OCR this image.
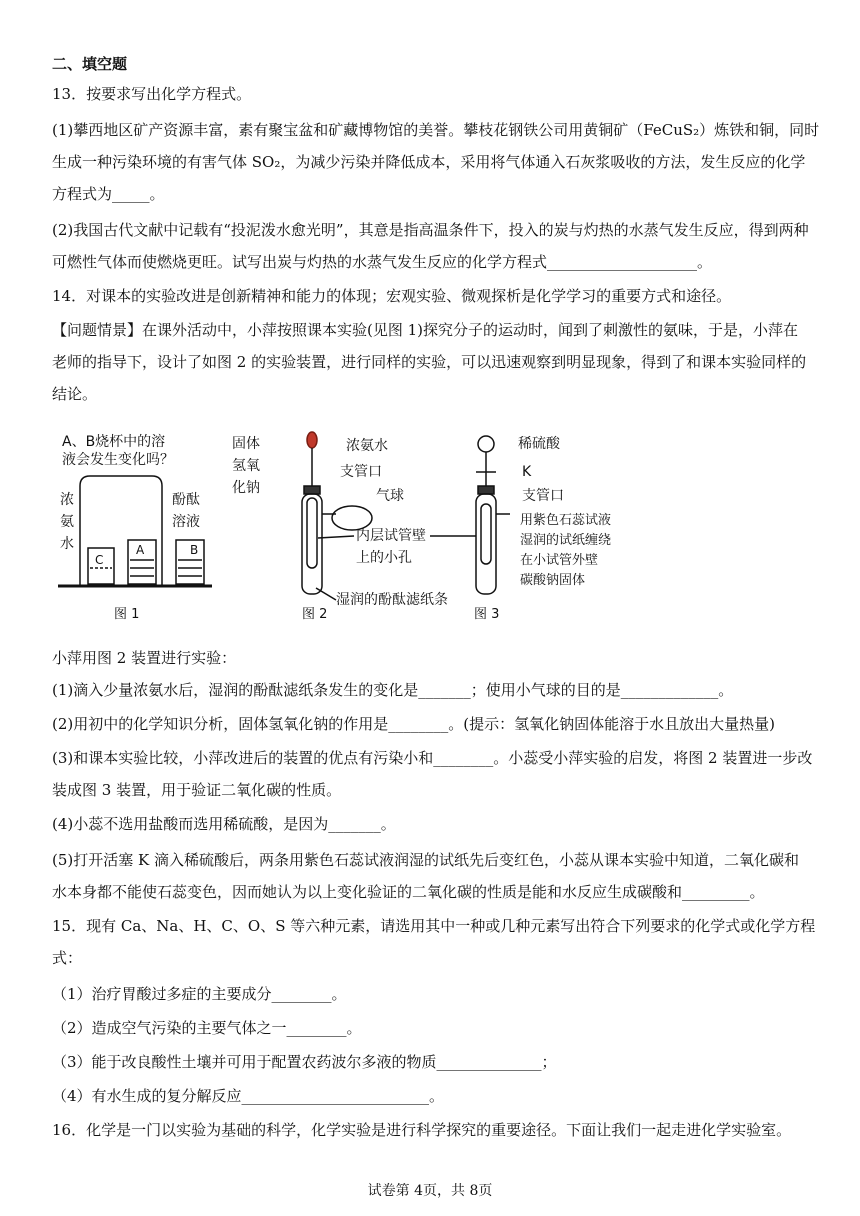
二、填空题
13．按要求写出化学方程式。
(1)攀西地区矿产资源丰富，素有聚宝盆和矿藏博物馆的美誉。攀枝花钢铁公司用黄铜矿（FeCuS₂）炼铁和铜，同时
生成一种污染环境的有害气体 SO₂，为减少污染并降低成本，采用将气体通入石灰浆吸收的方法，发生反应的化学
方程式为_____。
(2)我国古代文献中记载有“投泥泼水愈光明”，其意是指高温条件下，投入的炭与灼热的水蒸气发生反应，得到两种
可燃性气体而使燃烧更旺。试写出炭与灼热的水蒸气发生反应的化学方程式____________________。
14．对课本的实验改进是创新精神和能力的体现；宏观实验、微观探析是化学学习的重要方式和途径。
【问题情景】在课外活动中，小萍按照课本实验(见图 1)探究分子的运动时，闻到了刺激性的氨味，于是，小萍在
老师的指导下，设计了如图 2 的实验装置，进行同样的实验，可以迅速观察到明显现象，得到了和课本实验同样的
结论。
A、B烧杯中的溶
液会发生变化吗？
浓
氨
水
酚酞
溶液
C
A	B
图 1
固体
氢氧
化钠
浓氨水
支管口
气球
内层试管壁
上的小孔
湿润的酚酞滤纸条
图 2
稀硫酸
K
支管口
用紫色石蕊试液
湿润的试纸缠绕
在小试管外壁
碳酸钠固体
图 3
小萍用图 2 装置进行实验：
(1)滴入少量浓氨水后，湿润的酚酞滤纸条发生的变化是_______；使用小气球的目的是_____________。
(2)用初中的化学知识分析，固体氢氧化钠的作用是________。(提示：氢氧化钠固体能溶于水且放出大量热量)
(3)和课本实验比较，小萍改进后的装置的优点有污染小和________。小蕊受小萍实验的启发，将图 2 装置进一步改
装成图 3 装置，用于验证二氧化碳的性质。
(4)小蕊不选用盐酸而选用稀硫酸，是因为_______。
(5)打开活塞 K 滴入稀硫酸后，两条用紫色石蕊试液润湿的试纸先后变红色，小蕊从课本实验中知道，二氧化碳和
水本身都不能使石蕊变色，因而她认为以上变化验证的二氧化碳的性质是能和水反应生成碳酸和_________。
15．现有 Ca、Na、H、C、O、S 等六种元素，请选用其中一种或几种元素写出符合下列要求的化学式或化学方程
式：
（1）治疗胃酸过多症的主要成分________。
（2）造成空气污染的主要气体之一________。
（3）能于改良酸性土壤并可用于配置农药波尔多液的物质______________；
（4）有水生成的复分解反应_________________________。
16．化学是一门以实验为基础的科学，化学实验是进行科学探究的重要途径。下面让我们一起走进化学实验室。
试卷第 4页，共 8页
